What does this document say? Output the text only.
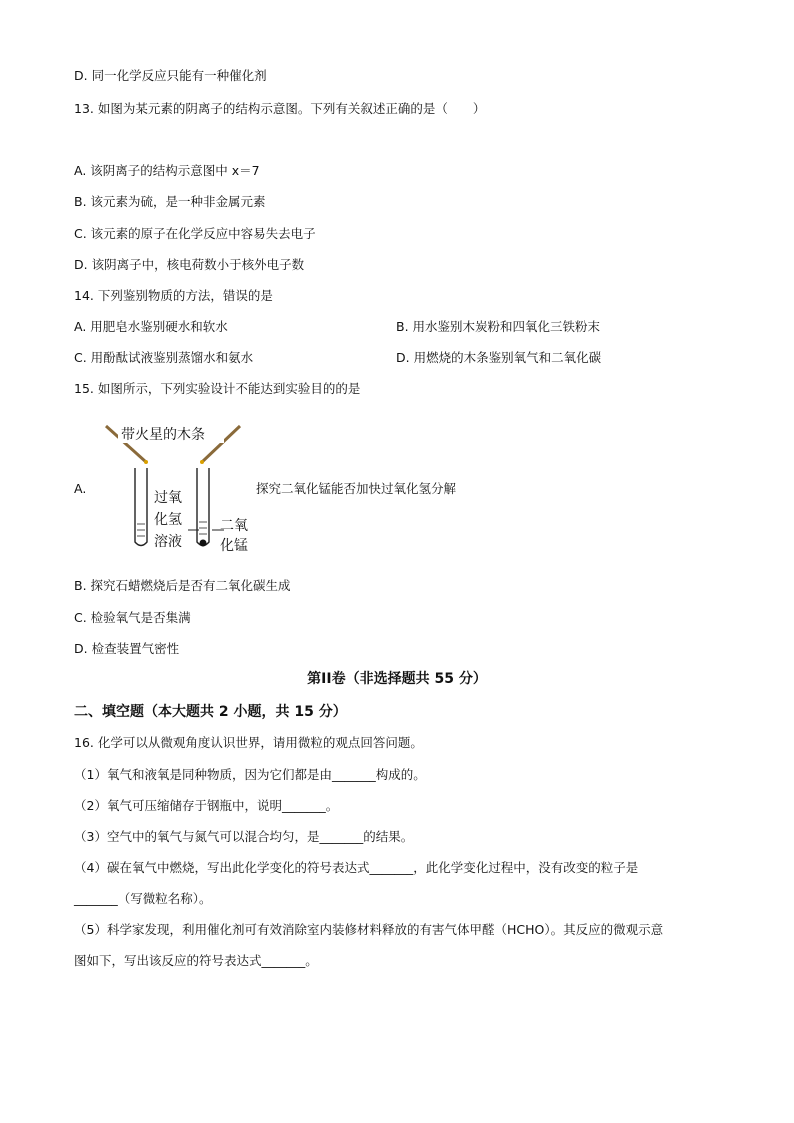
D. 同一化学反应只能有一种催化剂
13. 如图为某元素的阴离子的结构示意图。下列有关叙述正确的是（　　）
A. 该阴离子的结构示意图中 x＝7
B. 该元素为硫，是一种非金属元素
C. 该元素的原子在化学反应中容易失去电子
D. 该阴离子中，核电荷数小于核外电子数
14. 下列鉴别物质的方法，错误的是
A. 用肥皂水鉴别硬水和软水	B. 用水鉴别木炭粉和四氧化三铁粉末
C. 用酚酞试液鉴别蒸馏水和氨水	D. 用燃烧的木条鉴别氧气和二氧化碳
15. 如图所示，下列实验设计不能达到实验目的的是
A.
带火星的木条
过氧
化氢
溶液
二氧
化锰
探究二氧化锰能否加快过氧化氢分解
B. 探究石蜡燃烧后是否有二氧化碳生成
C. 检验氧气是否集满
D. 检查装置气密性
第II卷（非选择题共 55 分）
二、填空题（本大题共 2 小题，共 15 分）
16. 化学可以从微观角度认识世界，请用微粒的观点回答问题。
（1）氧气和液氧是同种物质，因为它们都是由_______构成的。
（2）氧气可压缩储存于钢瓶中，说明_______。
（3）空气中的氧气与氮气可以混合均匀，是_______的结果。
（4）碳在氧气中燃烧，写出此化学变化的符号表达式_______，此化学变化过程中，没有改变的粒子是
_______（写微粒名称）。
（5）科学家发现，利用催化剂可有效消除室内装修材料释放的有害气体甲醛（HCHO）。其反应的微观示意
图如下，写出该反应的符号表达式_______。
